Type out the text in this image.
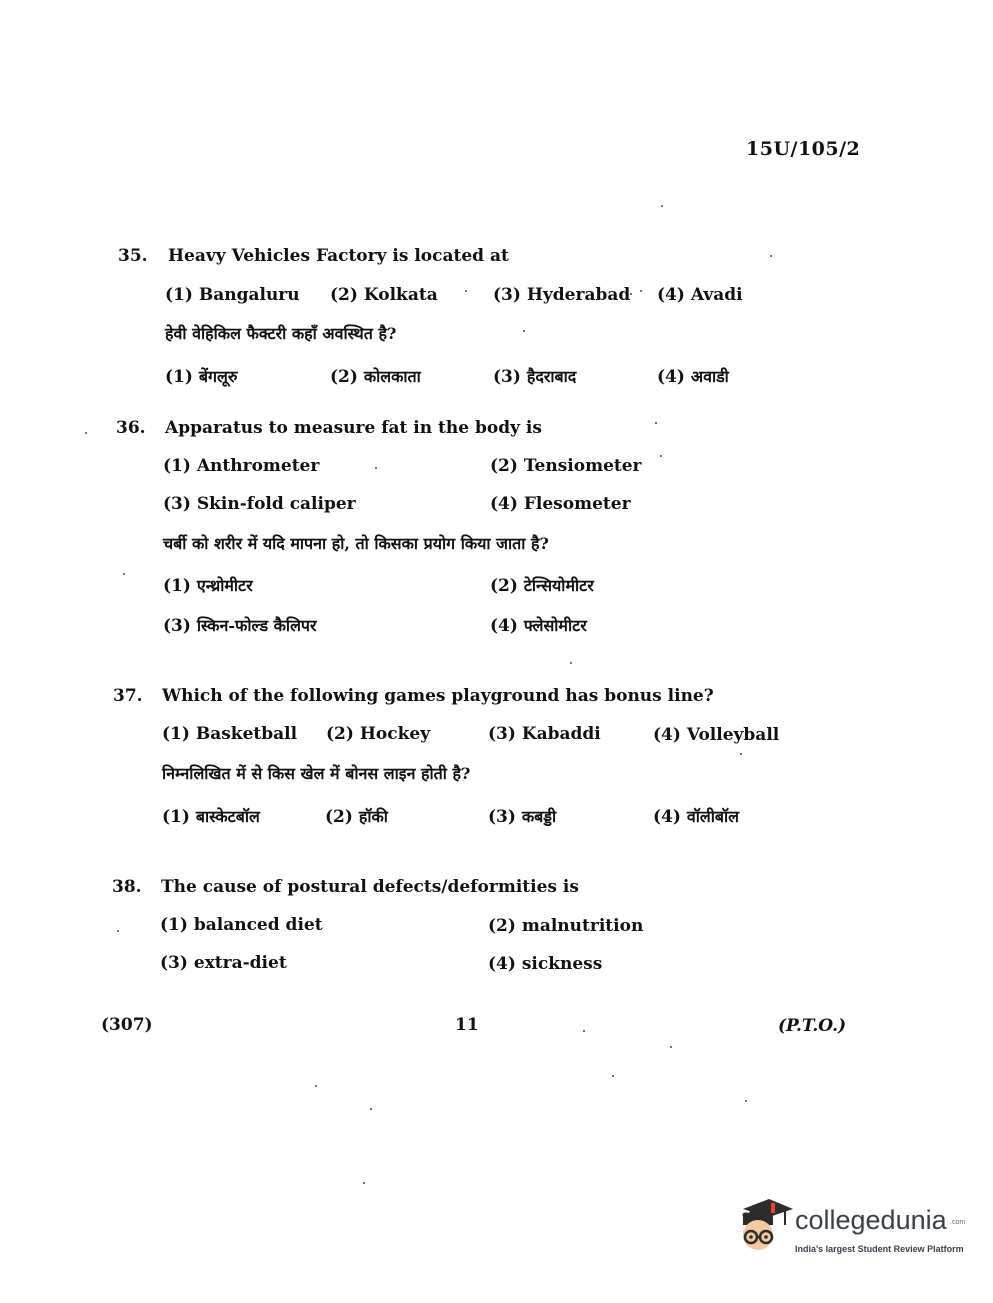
15U/105/2
35. Heavy Vehicles Factory is located at
(1) Bangaluru (2) Kolkata	(3) Hyderabad (4) Avadi
हेवी वेहिकिल फैक्टरी कहाँ अवस्थित है?
(1) बेंगलूरु	(2) कोलकाता	(3) हैदराबाद	(4) अवाडी
36. Apparatus to measure fat in the body is
(1) Anthrometer	(2) Tensiometer
(3) Skin-fold caliper	(4) Flesometer
चर्बी को शरीर में यदि मापना हो, तो किसका प्रयोग किया जाता है?
(1) एन्थ्रोमीटर	(2) टेन्सियोमीटर
(3) स्किन-फोल्ड कैलिपर	(4) फ्लेसोमीटर
37. Which of the following games playground has bonus line?
(1) Basketball (2) Hockey	(3) Kabaddi	(4) Volleyball
निम्नलिखित में से किस खेल में बोनस लाइन होती है?
(1) बास्केटबॉल	(2) हॉकी	(3) कबड्डी	(4) वॉलीबॉल
38. The cause of postural defects/deformities is
(1) balanced diet	(2) malnutrition
(3) extra-diet	(4) sickness
(307)	11	(P.T.O.)
collegedunia .com
India's largest Student Review Platform
